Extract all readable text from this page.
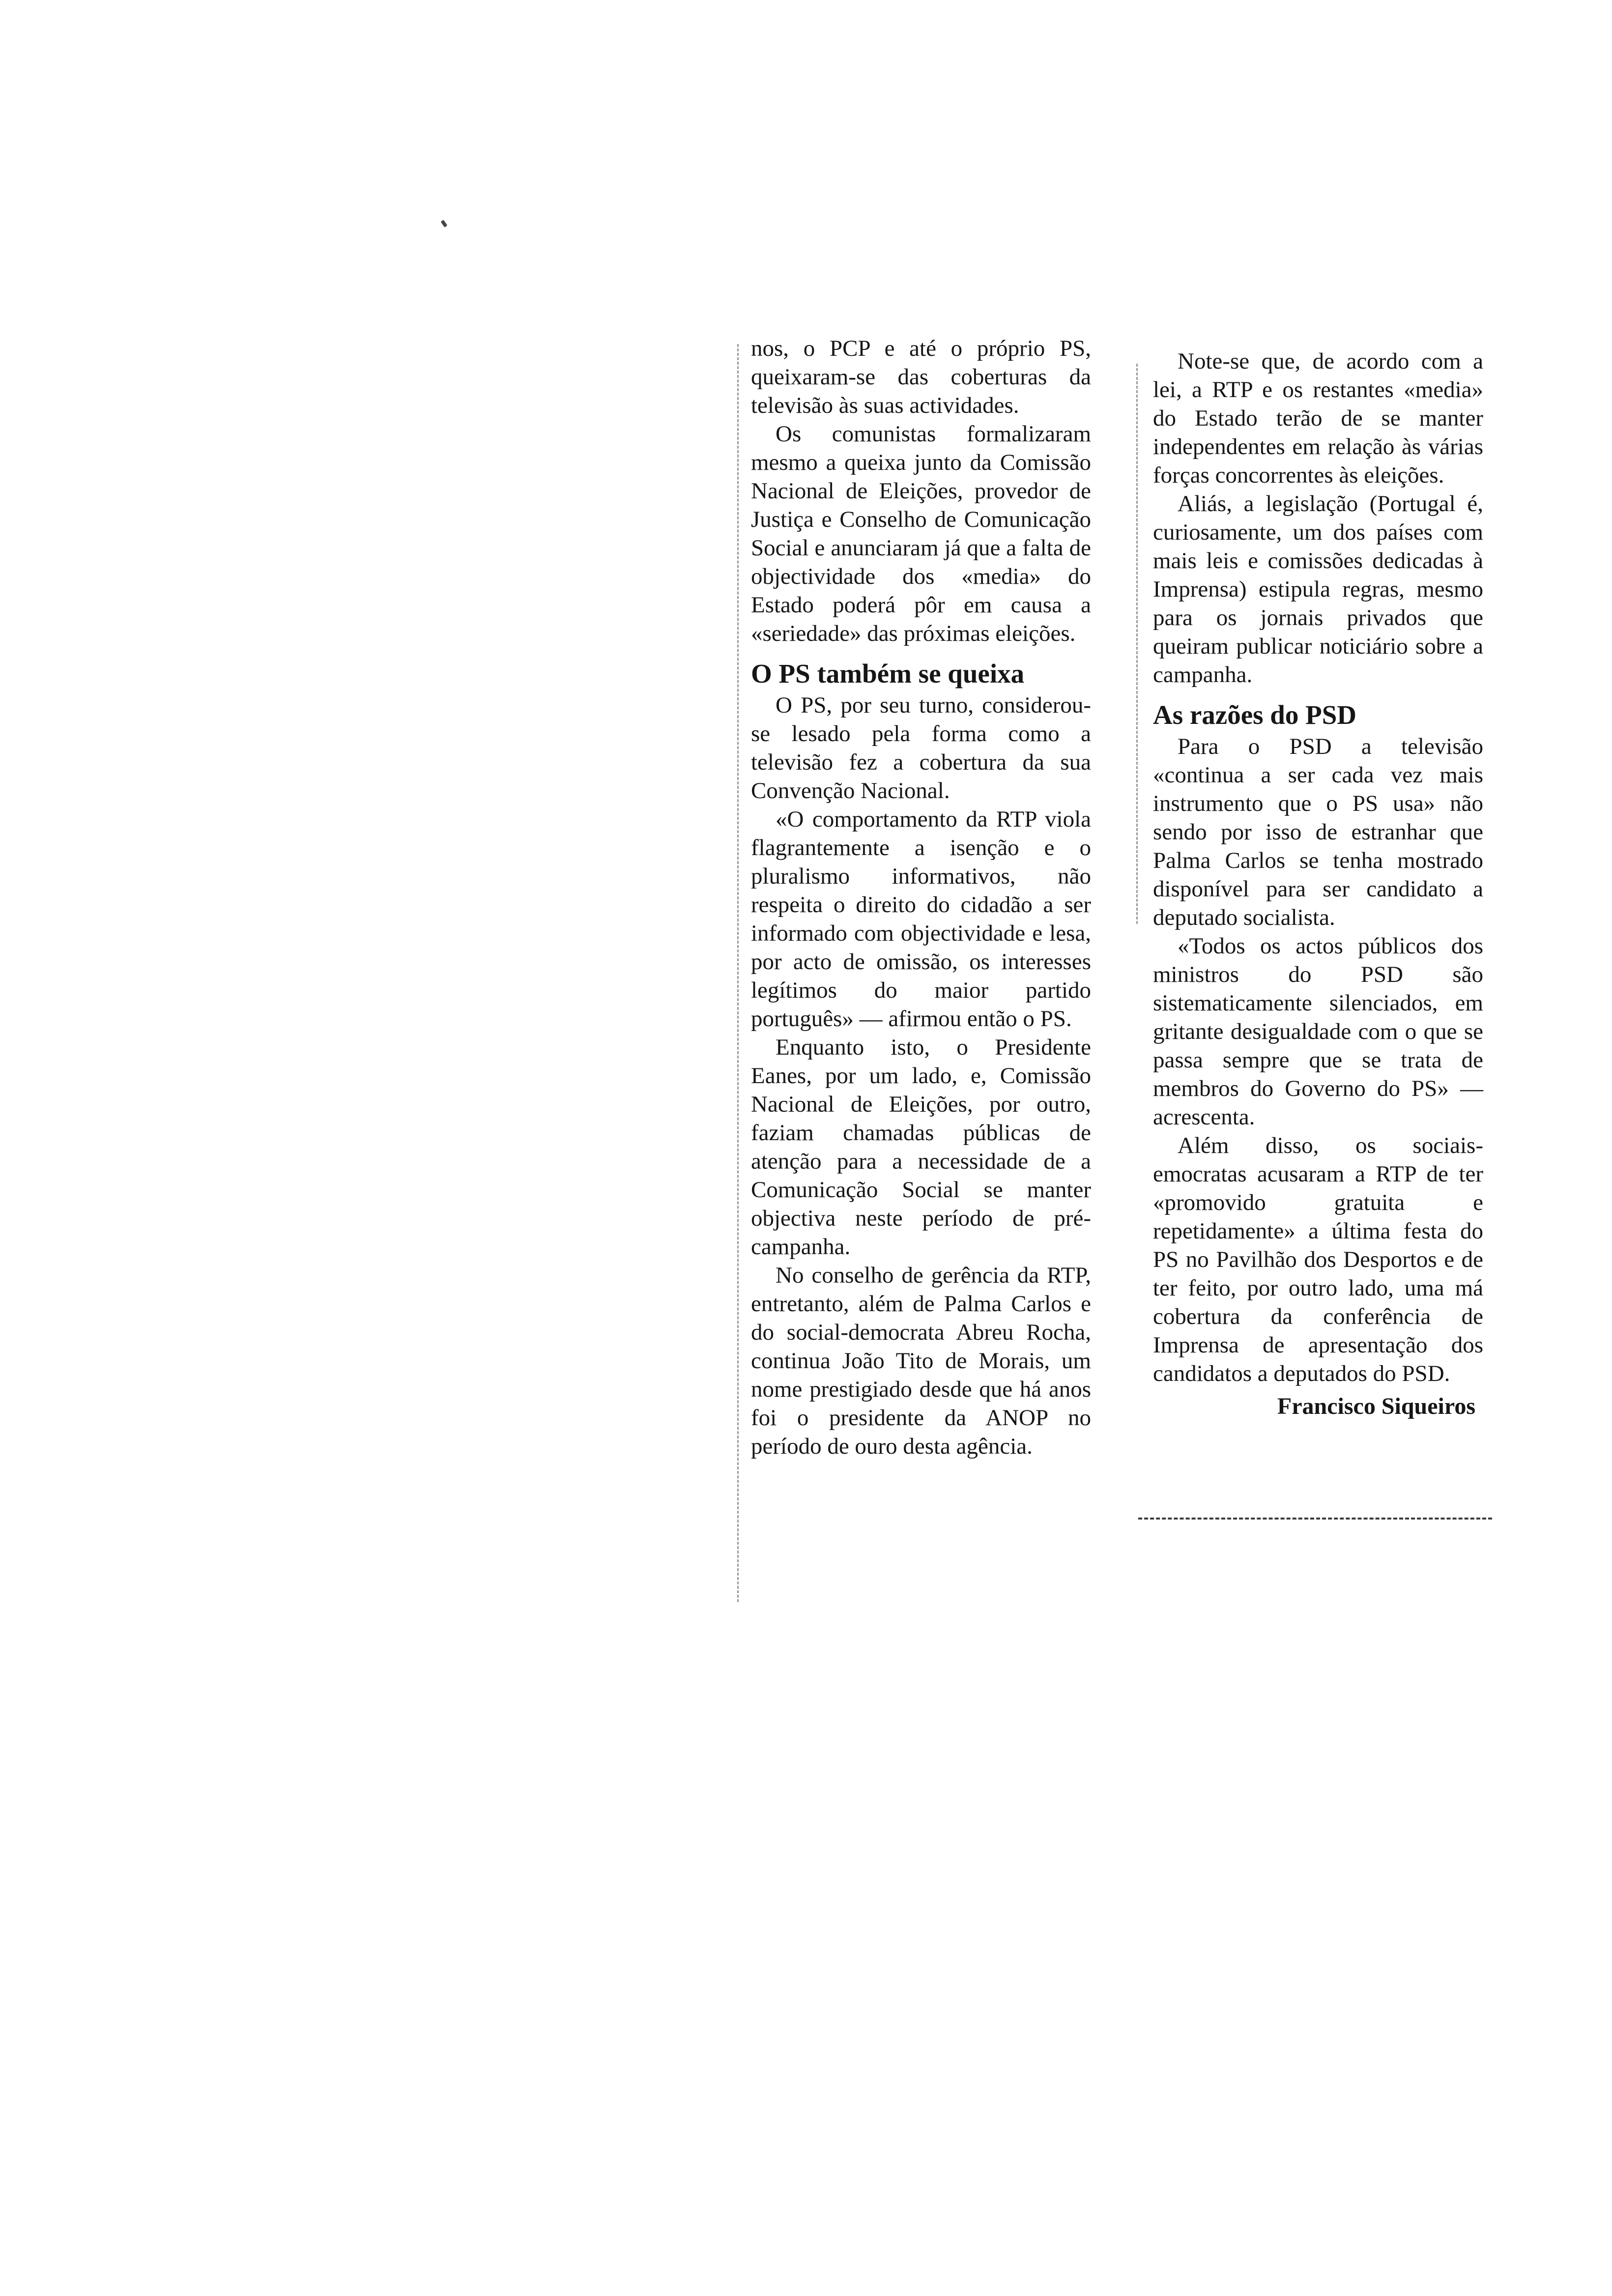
nos, o PCP e até o próprio PS, queixaram-se das coberturas da televisão às suas actividades.

Os comunistas formalizaram mesmo a queixa junto da Comissão Nacional de Eleições, provedor de Justiça e Conselho de Comunicação Social e anunciaram já que a falta de objectividade dos «media» do Estado poderá pôr em causa a «seriedade» das próximas eleições.

O PS também se queixa

O PS, por seu turno, considerou-se lesado pela forma como a televisão fez a cobertura da sua Convenção Nacional.

«O comportamento da RTP viola flagrantemente a isenção e o pluralismo informativos, não respeita o direito do cidadão a ser informado com objectividade e lesa, por acto de omissão, os interesses legítimos do maior partido português» — afirmou então o PS.

Enquanto isto, o Presidente Eanes, por um lado, e, Comissão Nacional de Eleições, por outro, faziam chamadas públicas de atenção para a necessidade de a Comunicação Social se manter objectiva neste período de pré-campanha.

No conselho de gerência da RTP, entretanto, além de Palma Carlos e do social-democrata Abreu Rocha, continua João Tito de Morais, um nome prestigiado desde que há anos foi o presidente da ANOP no período de ouro desta agência.

Note-se que, de acordo com a lei, a RTP e os restantes «media» do Estado terão de se manter independentes em relação às várias forças concorrentes às eleições.

Aliás, a legislação (Portugal é, curiosamente, um dos países com mais leis e comissões dedicadas à Imprensa) estipula regras, mesmo para os jornais privados que queiram publicar noticiário sobre a campanha.

As razões do PSD

Para o PSD a televisão «continua a ser cada vez mais instrumento que o PS usa» não sendo por isso de estranhar que Palma Carlos se tenha mostrado disponível para ser candidato a deputado socialista.

«Todos os actos públicos dos ministros do PSD são sistematicamente silenciados, em gritante desigualdade com o que se passa sempre que se trata de membros do Governo do PS» — acrescenta.

Além disso, os sociais-emocratas acusaram a RTP de ter «promovido gratuita e repetidamente» a última festa do PS no Pavilhão dos Desportos e de ter feito, por outro lado, uma má cobertura da conferência de Imprensa de apresentação dos candidatos a deputados do PSD.

Francisco Siqueiros
